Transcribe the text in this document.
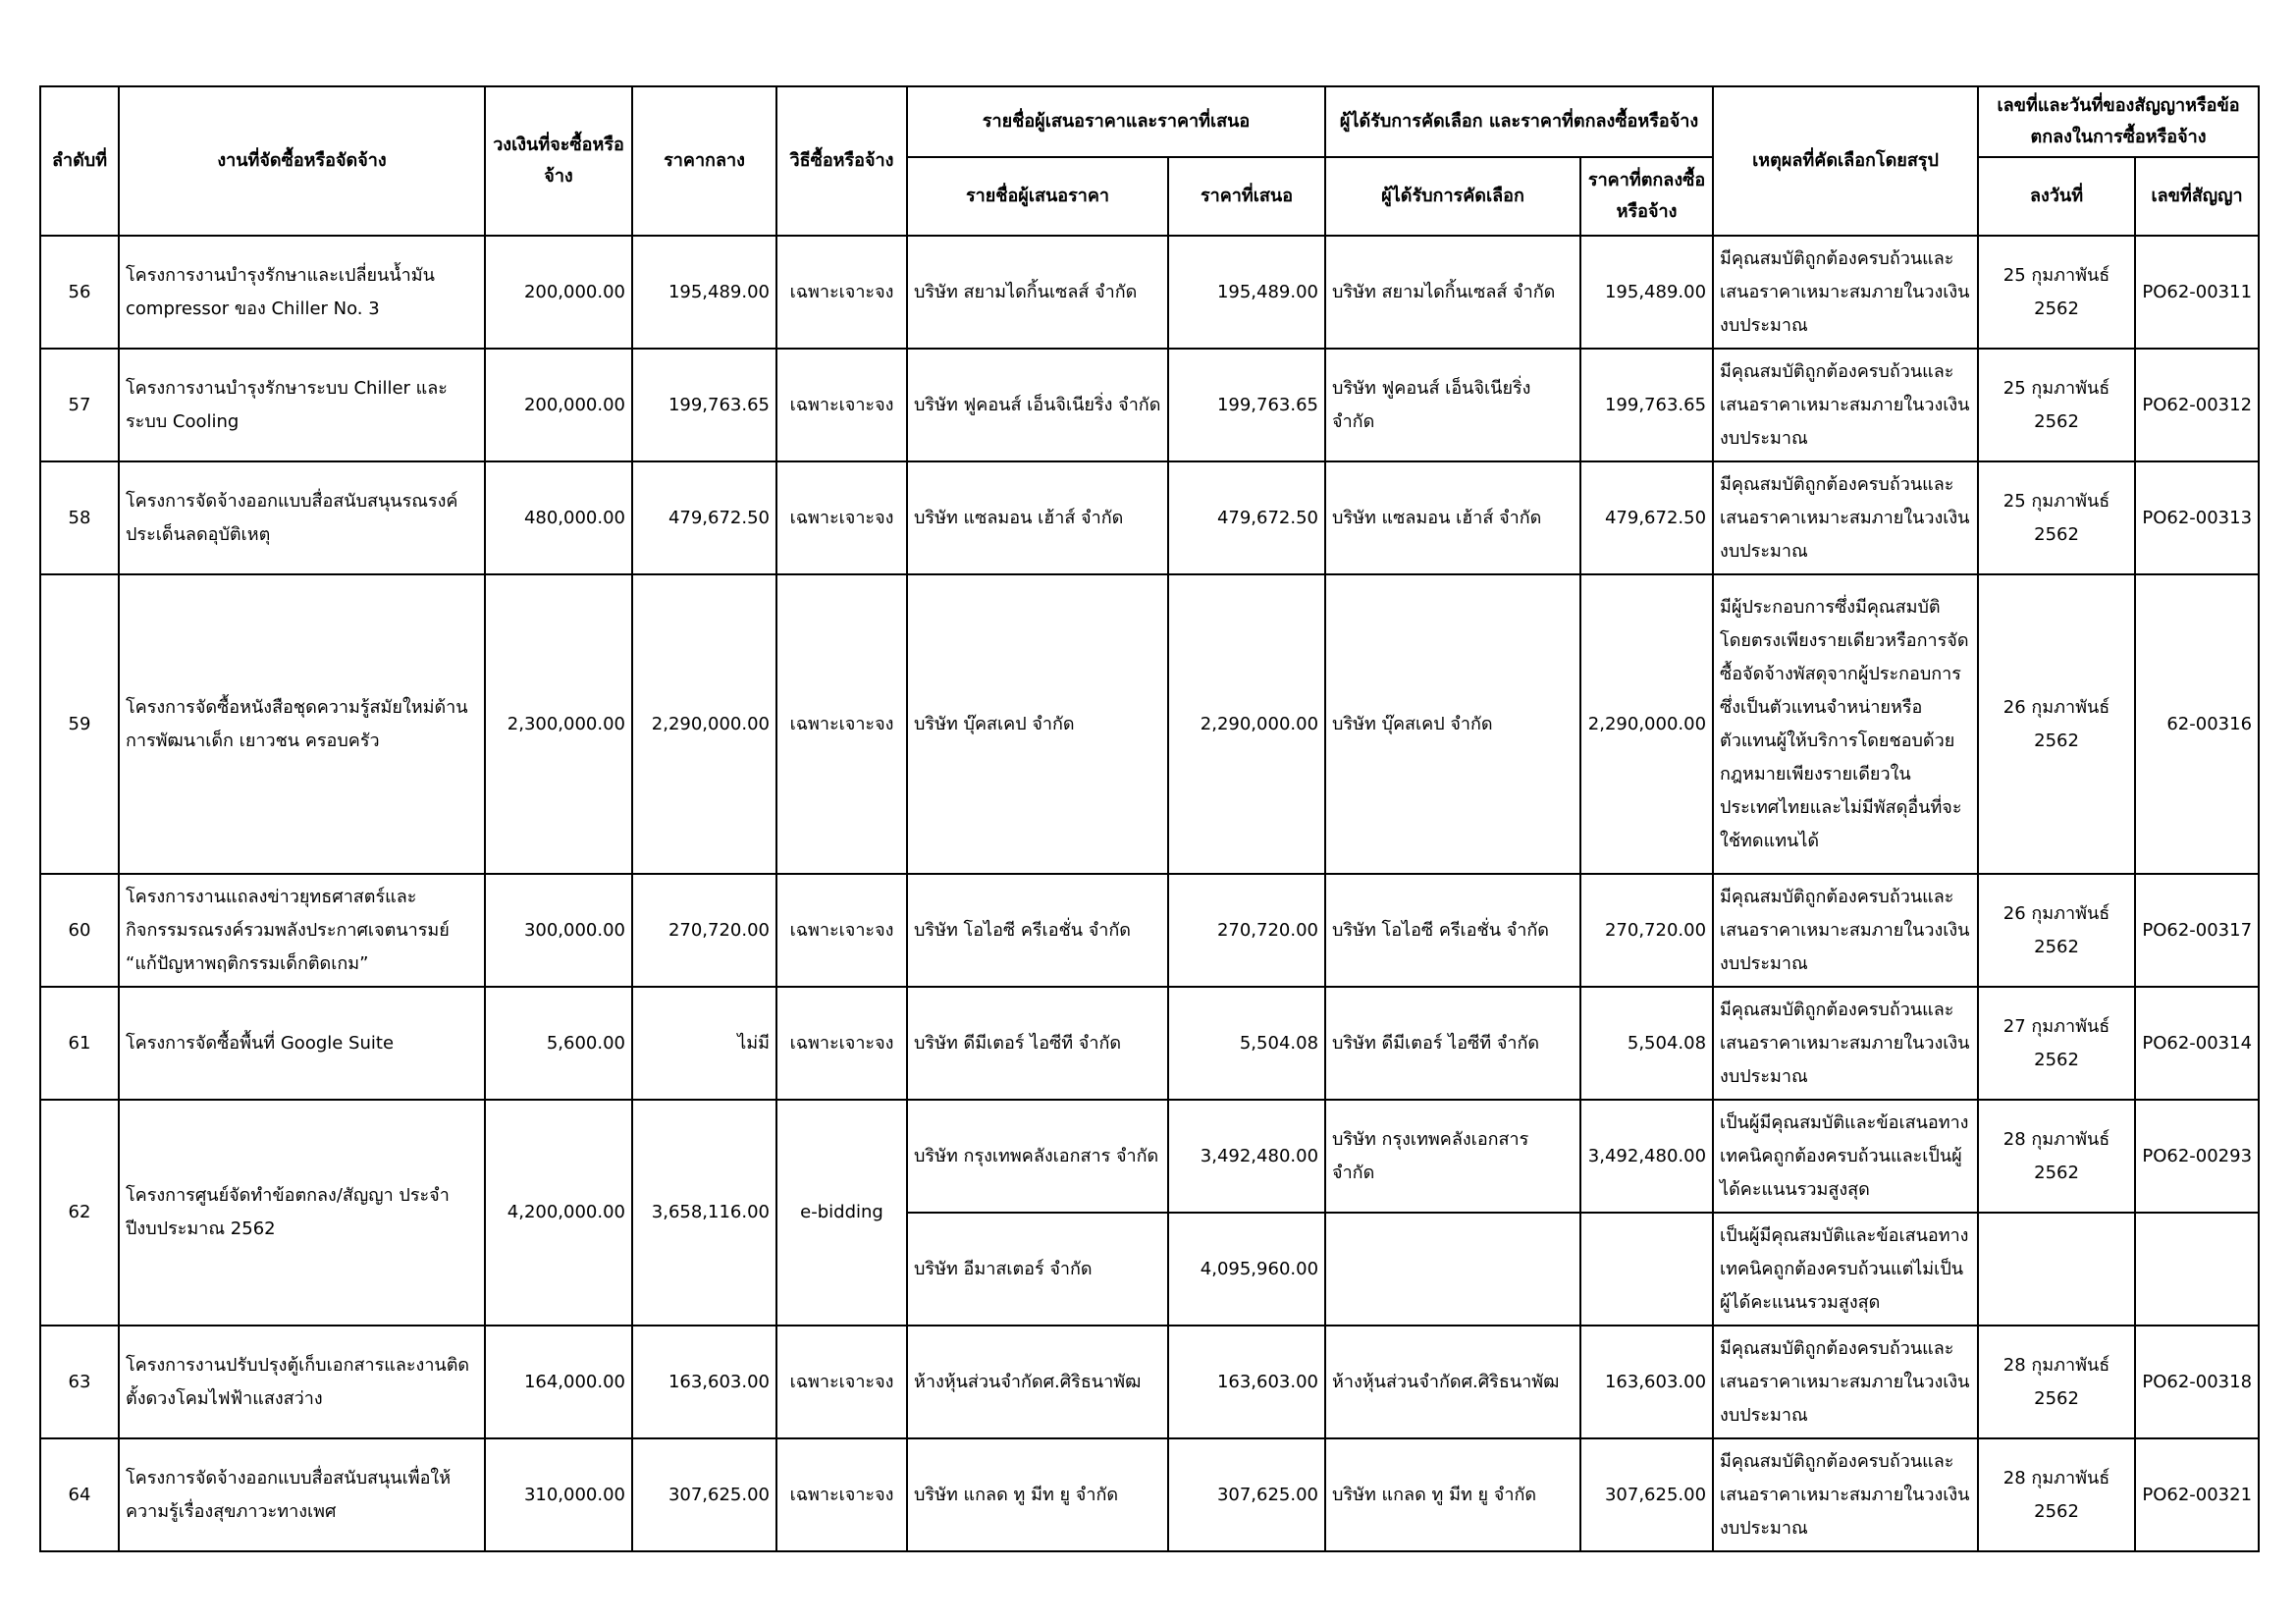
ลำดับที่	งานที่จัดซื้อหรือจัดจ้าง	วงเงินที่จะซื้อหรือจ้าง	ราคากลาง	วิธีซื้อหรือจ้าง	รายชื่อผู้เสนอราคาและราคาที่เสนอ		ผู้ได้รับการคัดเลือก และราคาที่ตกลงซื้อหรือจ้าง		เหตุผลที่คัดเลือกโดยสรุป	เลขที่และวันที่ของสัญญาหรือข้อตกลงในการซื้อหรือจ้าง	
					รายชื่อผู้เสนอราคา	ราคาที่เสนอ	ผู้ได้รับการคัดเลือก	ราคาที่ตกลงซื้อหรือจ้าง		ลงวันที่	เลขที่สัญญา
56	โครงการงานบำรุงรักษาและเปลี่ยนน้ำมัน compressor ของ Chiller No. 3	200,000.00	195,489.00	เฉพาะเจาะจง	บริษัท สยามไดกิ้นเซลส์ จำกัด	195,489.00	บริษัท สยามไดกิ้นเซลส์ จำกัด	195,489.00	มีคุณสมบัติถูกต้องครบถ้วนและเสนอราคาเหมาะสมภายในวงเงินงบประมาณ	25 กุมภาพันธ์ 2562	PO62-00311
57	โครงการงานบำรุงรักษาระบบ Chiller และระบบ Cooling	200,000.00	199,763.65	เฉพาะเจาะจง	บริษัท ฟูคอนส์ เอ็นจิเนียริ่ง จำกัด	199,763.65	บริษัท ฟูคอนส์ เอ็นจิเนียริ่ง จำกัด	199,763.65	มีคุณสมบัติถูกต้องครบถ้วนและเสนอราคาเหมาะสมภายในวงเงินงบประมาณ	25 กุมภาพันธ์ 2562	PO62-00312
58	โครงการจัดจ้างออกแบบสื่อสนับสนุนรณรงค์ประเด็นลดอุบัติเหตุ	480,000.00	479,672.50	เฉพาะเจาะจง	บริษัท แซลมอน เฮ้าส์ จำกัด	479,672.50	บริษัท แซลมอน เฮ้าส์ จำกัด	479,672.50	มีคุณสมบัติถูกต้องครบถ้วนและเสนอราคาเหมาะสมภายในวงเงินงบประมาณ	25 กุมภาพันธ์ 2562	PO62-00313
59	โครงการจัดซื้อหนังสือชุดความรู้สมัยใหม่ด้านการพัฒนาเด็ก เยาวชน ครอบครัว	2,300,000.00	2,290,000.00	เฉพาะเจาะจง	บริษัท บุ๊คสเคป จำกัด	2,290,000.00	บริษัท บุ๊คสเคป จำกัด	2,290,000.00	มีผู้ประกอบการซึ่งมีคุณสมบัติโดยตรงเพียงรายเดียวหรือการจัดซื้อจัดจ้างพัสดุจากผู้ประกอบการซึ่งเป็นตัวแทนจำหน่ายหรือตัวแทนผู้ให้บริการโดยชอบด้วยกฎหมายเพียงรายเดียวในประเทศไทยและไม่มีพัสดุอื่นที่จะใช้ทดแทนได้	26 กุมภาพันธ์ 2562	62-00316
60	โครงการงานแถลงข่าวยุทธศาสตร์และกิจกรรมรณรงค์รวมพลังประกาศเจตนารมย์ “แก้ปัญหาพฤติกรรมเด็กติดเกม”	300,000.00	270,720.00	เฉพาะเจาะจง	บริษัท โอไอซี ครีเอชั่น จำกัด	270,720.00	บริษัท โอไอซี ครีเอชั่น จำกัด	270,720.00	มีคุณสมบัติถูกต้องครบถ้วนและเสนอราคาเหมาะสมภายในวงเงินงบประมาณ	26 กุมภาพันธ์ 2562	PO62-00317
61	โครงการจัดซื้อพื้นที่ Google Suite	5,600.00	ไม่มี	เฉพาะเจาะจง	บริษัท ดีมีเตอร์ ไอซีที จำกัด	5,504.08	บริษัท ดีมีเตอร์ ไอซีที จำกัด	5,504.08	มีคุณสมบัติถูกต้องครบถ้วนและเสนอราคาเหมาะสมภายในวงเงินงบประมาณ	27 กุมภาพันธ์ 2562	PO62-00314
62	โครงการศูนย์จัดทำข้อตกลง/สัญญา ประจำปีงบประมาณ 2562	4,200,000.00	3,658,116.00	e-bidding	บริษัท กรุงเทพคลังเอกสาร จำกัด	3,492,480.00	บริษัท กรุงเทพคลังเอกสาร จำกัด	3,492,480.00	เป็นผู้มีคุณสมบัติและข้อเสนอทางเทคนิคถูกต้องครบถ้วนและเป็นผู้ได้คะแนนรวมสูงสุด	28 กุมภาพันธ์ 2562	PO62-00293
					บริษัท อีมาสเตอร์ จำกัด	4,095,960.00			เป็นผู้มีคุณสมบัติและข้อเสนอทางเทคนิคถูกต้องครบถ้วนแต่ไม่เป็นผู้ได้คะแนนรวมสูงสุด		
63	โครงการงานปรับปรุงตู้เก็บเอกสารและงานติดตั้งดวงโคมไฟฟ้าแสงสว่าง	164,000.00	163,603.00	เฉพาะเจาะจง	ห้างหุ้นส่วนจำกัดศ.ศิริธนาพัฒ	163,603.00	ห้างหุ้นส่วนจำกัดศ.ศิริธนาพัฒ	163,603.00	มีคุณสมบัติถูกต้องครบถ้วนและเสนอราคาเหมาะสมภายในวงเงินงบประมาณ	28 กุมภาพันธ์ 2562	PO62-00318
64	โครงการจัดจ้างออกแบบสื่อสนับสนุนเพื่อให้ความรู้เรื่องสุขภาวะทางเพศ	310,000.00	307,625.00	เฉพาะเจาะจง	บริษัท แกลด ทู มีท ยู จำกัด	307,625.00	บริษัท แกลด ทู มีท ยู จำกัด	307,625.00	มีคุณสมบัติถูกต้องครบถ้วนและเสนอราคาเหมาะสมภายในวงเงินงบประมาณ	28 กุมภาพันธ์ 2562	PO62-00321
